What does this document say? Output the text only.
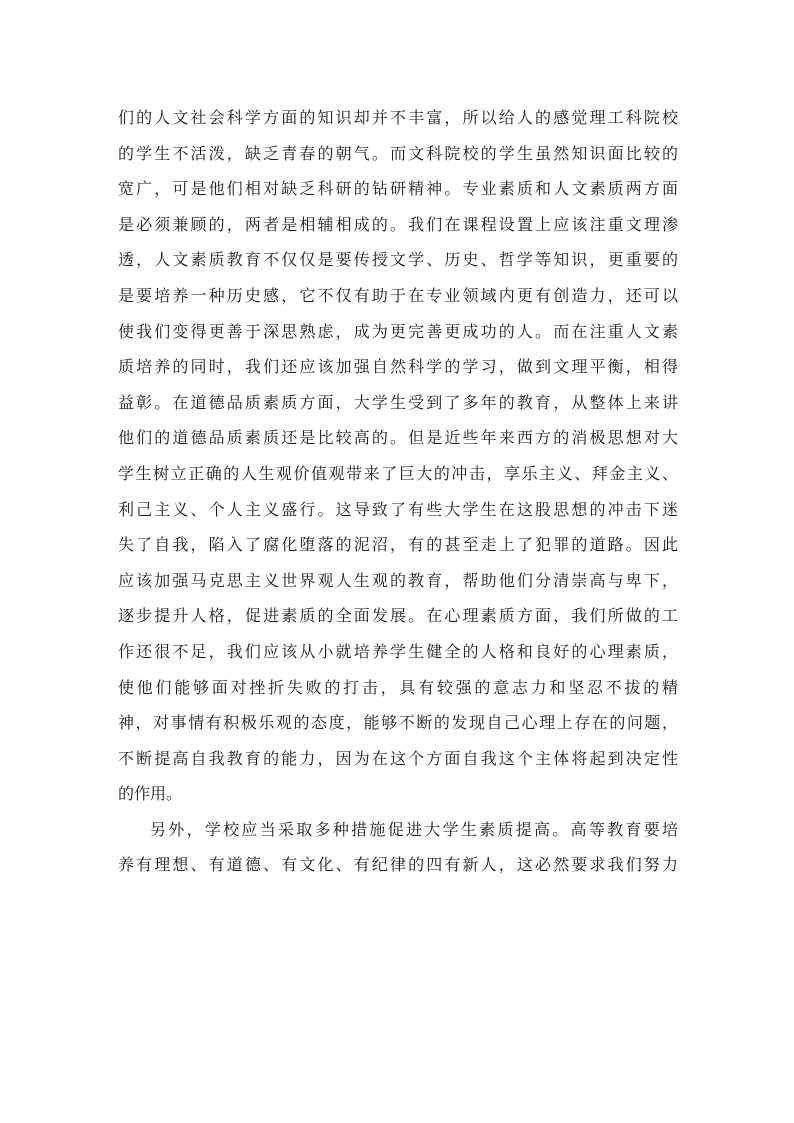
们的人文社会科学方面的知识却并不丰富，所以给人的感觉理工科院校
的学生不活泼，缺乏青春的朝气。而文科院校的学生虽然知识面比较的
宽广，可是他们相对缺乏科研的钻研精神。专业素质和人文素质两方面
是必须兼顾的，两者是相辅相成的。我们在课程设置上应该注重文理渗
透，人文素质教育不仅仅是要传授文学、历史、哲学等知识，更重要的
是要培养一种历史感，它不仅有助于在专业领域内更有创造力，还可以
使我们变得更善于深思熟虑，成为更完善更成功的人。而在注重人文素
质培养的同时，我们还应该加强自然科学的学习，做到文理平衡，相得
益彰。在道德品质素质方面，大学生受到了多年的教育，从整体上来讲
他们的道德品质素质还是比较高的。但是近些年来西方的消极思想对大
学生树立正确的人生观价值观带来了巨大的冲击，享乐主义、拜金主义、
利己主义、个人主义盛行。这导致了有些大学生在这股思想的冲击下迷
失了自我，陷入了腐化堕落的泥沼，有的甚至走上了犯罪的道路。因此
应该加强马克思主义世界观人生观的教育，帮助他们分清崇高与卑下，
逐步提升人格，促进素质的全面发展。在心理素质方面，我们所做的工
作还很不足，我们应该从小就培养学生健全的人格和良好的心理素质，
使他们能够面对挫折失败的打击，具有较强的意志力和坚忍不拔的精
神，对事情有积极乐观的态度，能够不断的发现自己心理上存在的问题，
不断提高自我教育的能力，因为在这个方面自我这个主体将起到决定性
的作用。
另外，学校应当采取多种措施促进大学生素质提高。高等教育要培
养有理想、有道德、有文化、有纪律的四有新人，这必然要求我们努力
